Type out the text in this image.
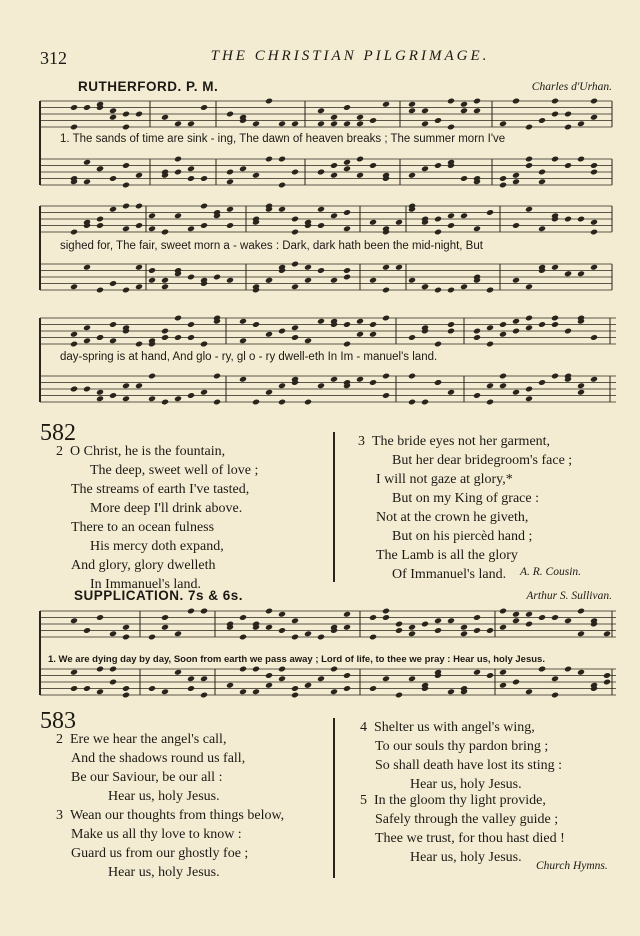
312	THE CHRISTIAN PILGRIMAGE.
RUTHERFORD. P. M.	Charles d'Urhan.
1. The sands of time are sink - ing, The dawn of heaven breaks ; The summer morn I've
sighed for, The fair, sweet morn a - wakes : Dark, dark hath been the mid-night, But
day-spring is at hand, And glo - ry, gl o - ry dwell-eth In Im - manuel's land.
582
2 O Christ, he is the fountain,
The deep, sweet well of love ;
The streams of earth I've tasted,
More deep I'll drink above.
There to an ocean fulness
His mercy doth expand,
And glory, glory dwelleth
In Immanuel's land.
3 The bride eyes not her garment,
But her dear bridegroom's face ;
I will not gaze at glory,*
But on my King of grace :
Not at the crown he giveth,
But on his piercèd hand ;
The Lamb is all the glory
Of Immanuel's land.	A. R. Cousin.
SUPPLICATION. 7s & 6s.	Arthur S. Sullivan.
1. We are dying day by day, Soon from earth we pass away ; Lord of life, to thee we pray : Hear us, holy Jesus.
583
2 Ere we hear the angel's call,
And the shadows round us fall,
Be our Saviour, be our all :
Hear us, holy Jesus.
3 Wean our thoughts from things below,
Make us all thy love to know :
Guard us from our ghostly foe ;
Hear us, holy Jesus.
4 Shelter us with angel's wing,
To our souls thy pardon bring ;
So shall death have lost its sting :
Hear us, holy Jesus.
5 In the gloom thy light provide,
Safely through the valley guide ;
Thee we trust, for thou hast died !
Hear us, holy Jesus.
Church Hymns.
